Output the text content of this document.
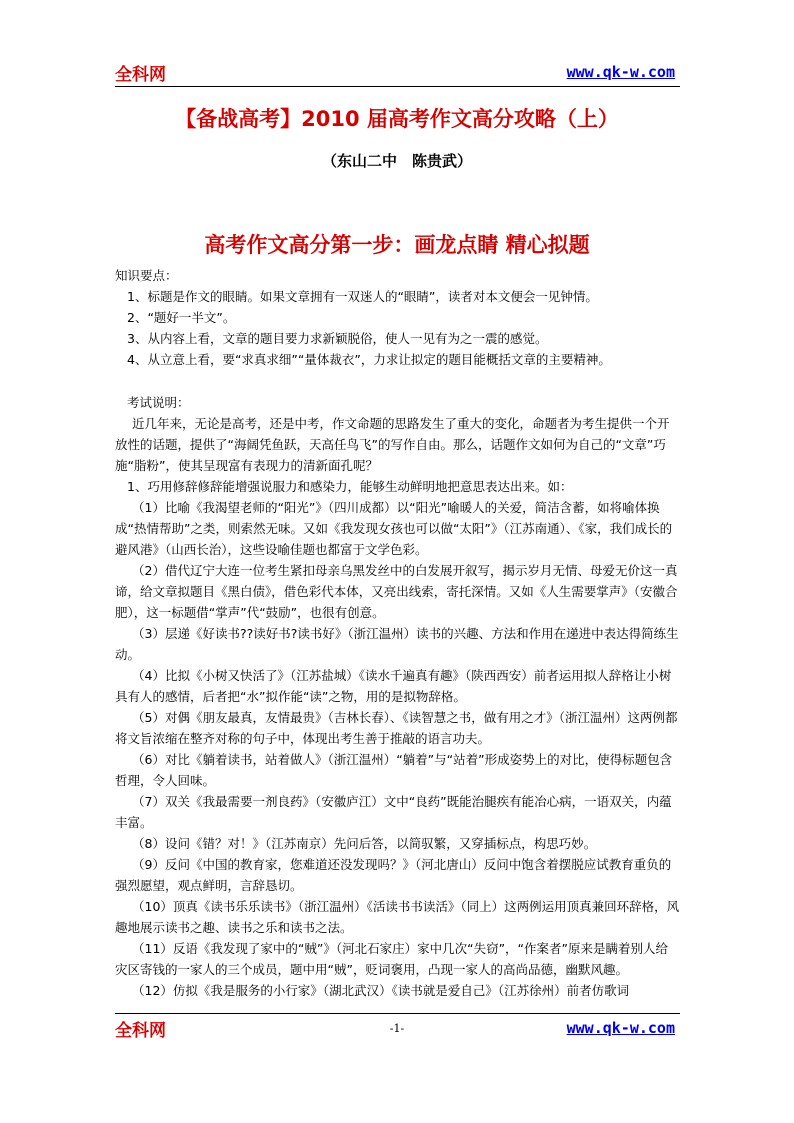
全科网	www.qk-w.com
【备战高考】2010 届高考作文高分攻略（上）
（东山二中　陈贵武）
高考作文高分第一步：画龙点睛 精心拟题

知识要点：

1、标题是作文的眼睛。如果文章拥有一双迷人的“眼睛”，读者对本文便会一见钟情。

2、“题好一半文”。

3、从内容上看，文章的题目要力求新颖脱俗，使人一见有为之一震的感觉。

4、从立意上看，要“求真求细”“量体裁衣”，力求让拟定的题目能概括文章的主要精神。

考试说明：

近几年来，无论是高考，还是中考，作文命题的思路发生了重大的变化，命题者为考生提供一个开放性的话题，提供了“海阔凭鱼跃，天高任鸟飞”的写作自由。那么，话题作文如何为自己的“文章”巧施“脂粉”，使其呈现富有表现力的清新面孔呢？

1、巧用修辞修辞能增强说服力和感染力，能够生动鲜明地把意思表达出来。如：

（1）比喻《我渴望老师的“阳光”》（四川成都）以“阳光”喻暖人的关爱，简洁含蓄，如将喻体换成“热情帮助”之类，则索然无味。又如《我发现女孩也可以做“太阳”》（江苏南通）、《家，我们成长的避风港》（山西长治），这些设喻佳题也都富于文学色彩。

（2）借代辽宁大连一位考生紧扣母亲乌黑发丝中的白发展开叙写，揭示岁月无情、母爱无价这一真谛，给文章拟题目《黑白债》，借色彩代本体，又亮出线索，寄托深情。又如《人生需要掌声》（安徽合肥），这一标题借“掌声”代“鼓励”，也很有创意。

（3）层递《好读书??读好书?读书好》（浙江温州）读书的兴趣、方法和作用在递进中表达得简练生动。

（4）比拟《小树又快活了》（江苏盐城）《读水千遍真有趣》（陕西西安）前者运用拟人辞格让小树具有人的感情，后者把“水”拟作能“读”之物，用的是拟物辞格。

（5）对偶《朋友最真，友情最贵》（吉林长春）、《读智慧之书，做有用之才》（浙江温州）这两例都将文旨浓缩在整齐对称的句子中，体现出考生善于推敲的语言功夫。

（6）对比《躺着读书，站着做人》（浙江温州）“躺着”与“站着”形成姿势上的对比，使得标题包含哲理，令人回味。

（7）双关《我最需要一剂良药》（安徽庐江）文中“良药”既能治腿疾有能冶心病，一语双关，内蕴丰富。

（8）设问《错？对！》（江苏南京）先问后答，以简驭繁，又穿插标点，构思巧妙。

（9）反问《中国的教育家，您难道还没发现吗？》（河北唐山）反问中饱含着摆脱应试教育重负的强烈愿望，观点鲜明，言辞恳切。

（10）顶真《读书乐乐读书》（浙江温州）《活读书书读活》（同上）这两例运用顶真兼回环辞格，风趣地展示读书之趣、读书之乐和读书之法。

（11）反语《我发现了家中的“贼”》（河北石家庄）家中几次“失窃”，“作案者”原来是瞒着别人给灾区寄钱的一家人的三个成员，题中用“贼”，贬词褒用，凸现一家人的高尚品德，幽默风趣。

（12）仿拟《我是服务的小行家》（湖北武汉）《读书就是爱自己》（江苏徐州）前者仿歌词

全科网	-1-	www.qk-w.com
